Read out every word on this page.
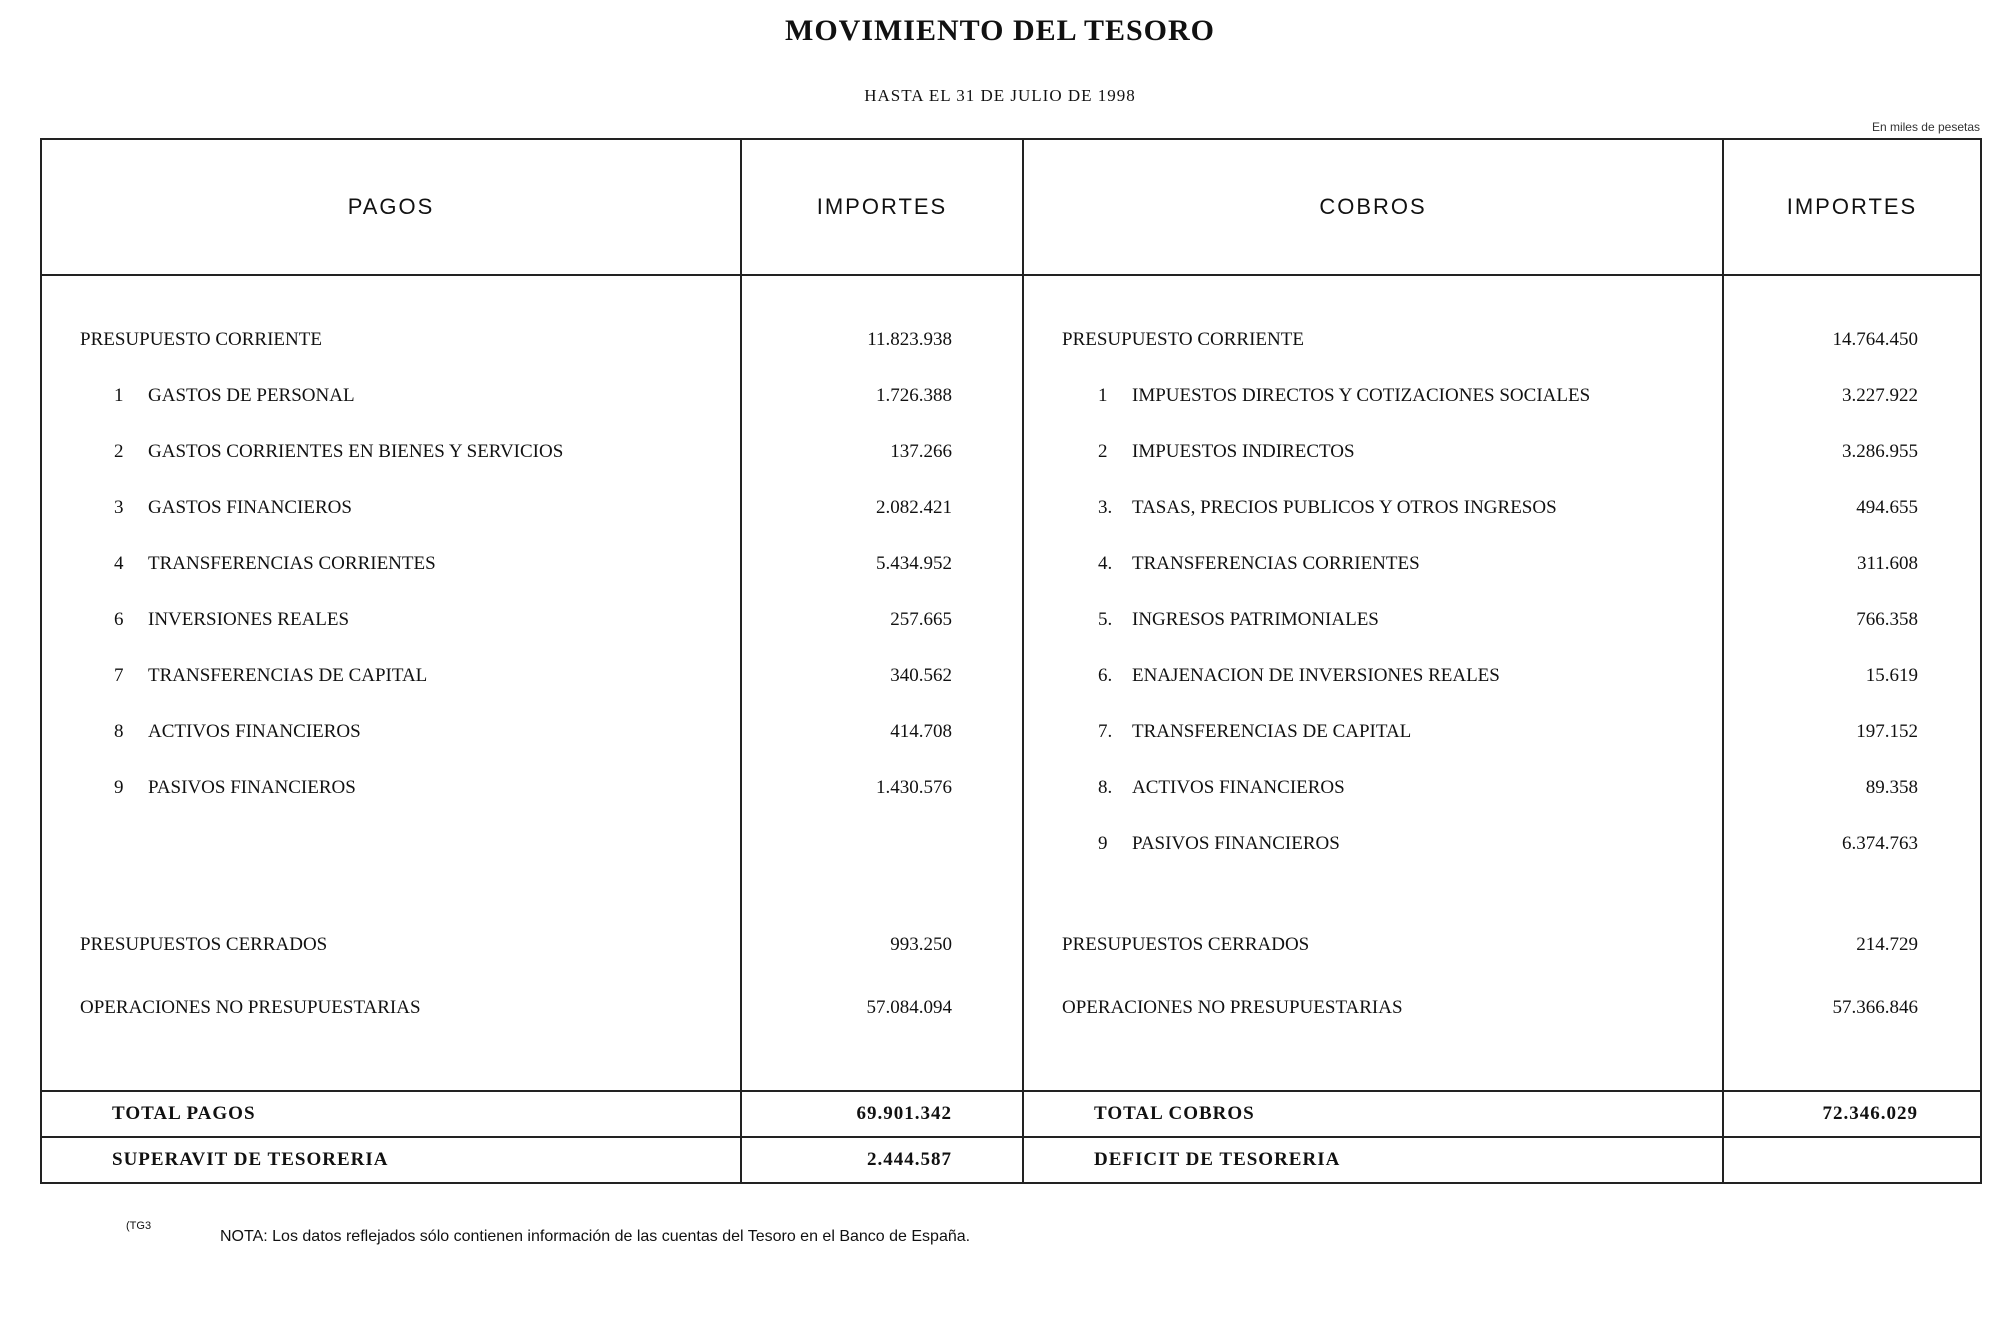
MOVIMIENTO DEL TESORO
HASTA EL 31 DE JULIO DE 1998
En miles de pesetas
PAGOS	IMPORTES	COBROS	IMPORTES

PRESUPUESTO CORRIENTE	11.823.938	PRESUPUESTO CORRIENTE	14.764.450
1 GASTOS DE PERSONAL	1.726.388	1 IMPUESTOS DIRECTOS Y COTIZACIONES SOCIALES	3.227.922
2 GASTOS CORRIENTES EN BIENES Y SERVICIOS	137.266	2 IMPUESTOS INDIRECTOS	3.286.955
3 GASTOS FINANCIEROS	2.082.421	3. TASAS, PRECIOS PUBLICOS Y OTROS INGRESOS	494.655
4 TRANSFERENCIAS CORRIENTES	5.434.952	4. TRANSFERENCIAS CORRIENTES	311.608
6 INVERSIONES REALES	257.665	5. INGRESOS PATRIMONIALES	766.358
7 TRANSFERENCIAS DE CAPITAL	340.562	6. ENAJENACION DE INVERSIONES REALES	15.619
8 ACTIVOS FINANCIEROS	414.708	7. TRANSFERENCIAS DE CAPITAL	197.152
9 PASIVOS FINANCIEROS	1.430.576	8. ACTIVOS FINANCIEROS	89.358
		9 PASIVOS FINANCIEROS	6.374.763
PRESUPUESTOS CERRADOS	993.250	PRESUPUESTOS CERRADOS	214.729
OPERACIONES NO PRESUPUESTARIAS	57.084.094	OPERACIONES NO PRESUPUESTARIAS	57.366.846

TOTAL PAGOS	69.901.342	TOTAL COBROS	72.346.029
SUPERAVIT DE TESORERIA	2.444.587	DEFICIT DE TESORERIA	
(TG3
NOTA: Los datos reflejados sólo contienen información de las cuentas del Tesoro en el Banco de España.
